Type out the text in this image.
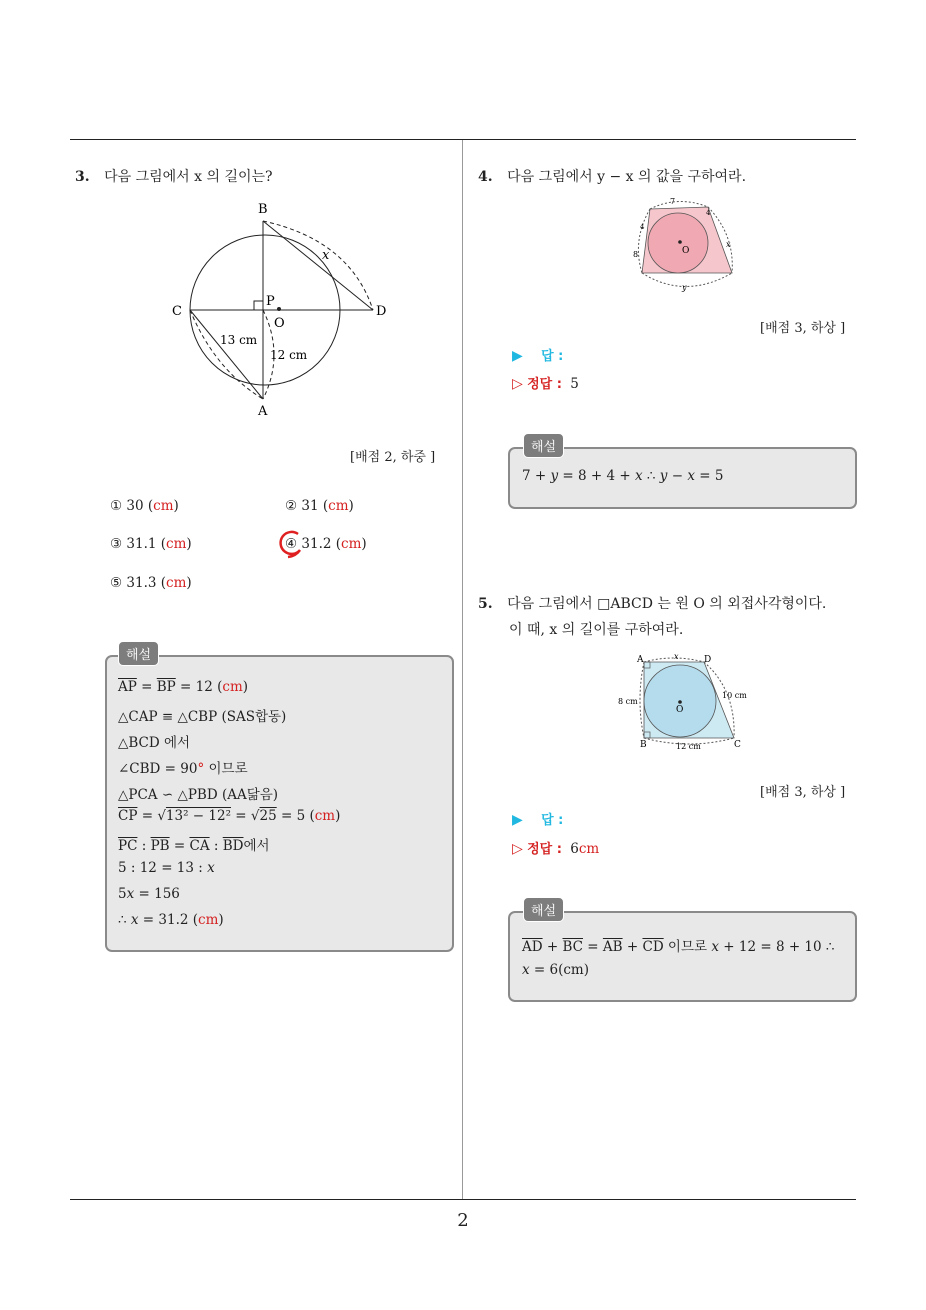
3. 다음 그림에서 x 의 길이는?
B
C	D
A
P
O
x
13 cm
12 cm
[배점 2, 하중 ]
① 30 (cm)	② 31 (cm)
③ 31.1 (cm)	④ 31.2 (cm)
⑤ 31.3 (cm)
해설
$\overline{AP} = \overline{BP} = 12$ (cm)
△CAP ≡ △CBP (SAS합동)
△BCD 에서
∠CBD = 90° 이므로
△PCA ∽ △PBD (AA닮음)
$\overline{CP} = √13^2 - 12^2 = √25 = 5$ (cm)
$\overline{PC}$ : $\overline{PB} = \overline{CA}$ : $\overline{BD}$에서
5 : 12 = 13 : x
5x = 156
∴ x = 31.2 (cm)
4. 다음 그림에서 y − x 의 값을 구하여라.
O
7
4
8
4
y
x
[배점 3, 하상 ]
▶ 답 :
▷ 정답 : 5
해설
7 + y = 8 + 4 + x ∴ y − x = 5
5. 다음 그림에서 □ABCD 는 원 O 의 외접사각형이다.
이 때, x 의 길이를 구하여라.
A	D
B	C
O
x
8 cm
10 cm
12 cm
[배점 3, 하상 ]
▶ 답 :
▷ 정답 : 6cm
해설
$\overline{AD} + \overline{BC} = \overline{AB} + \overline{CD}$ 이므로 x + 12 = 8 + 10 ∴
x = 6(cm)
2
